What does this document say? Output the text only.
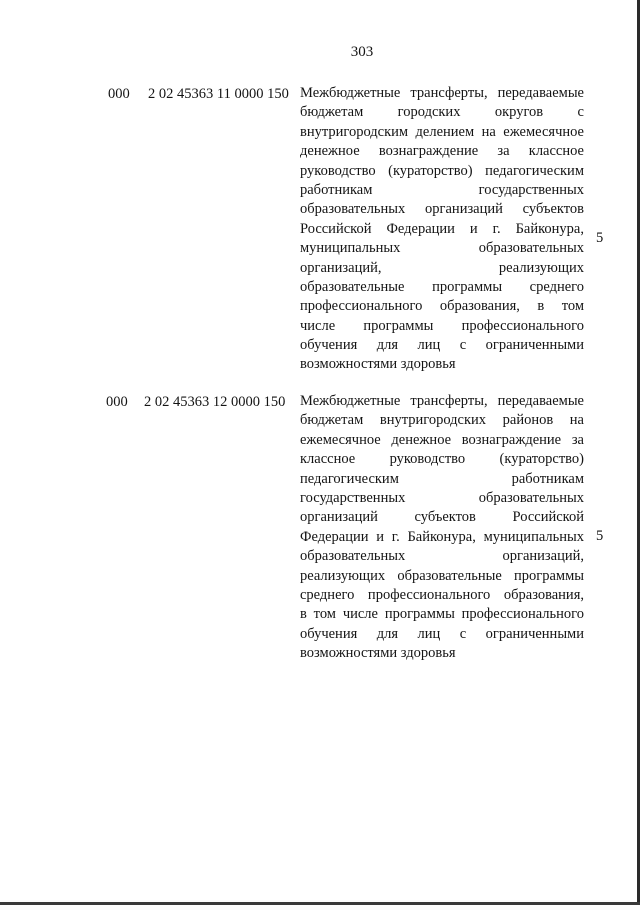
303
000 2 02 45363 11 0000 150 Межбюджетные трансферты, передаваемые
бюджетам городских округов с
внутригородским делением на ежемесячное
денежное вознаграждение за классное
руководство (кураторство) педагогическим
работникам государственных
образовательных организаций субъектов
Российской Федерации и г. Байконура,
муниципальных образовательных
организаций, реализующих
образовательные программы среднего
профессионального образования, в том
числе программы профессионального
обучения для лиц с ограниченными
возможностями здоровья
5
000 2 02 45363 12 0000 150 Межбюджетные трансферты, передаваемые
бюджетам внутригородских районов на
ежемесячное денежное вознаграждение за
классное руководство (кураторство)
педагогическим работникам
государственных образовательных
организаций субъектов Российской
Федерации и г. Байконура, муниципальных
образовательных организаций,
реализующих образовательные программы
среднего профессионального образования,
в том числе программы профессионального
обучения для лиц с ограниченными
возможностями здоровья
5
